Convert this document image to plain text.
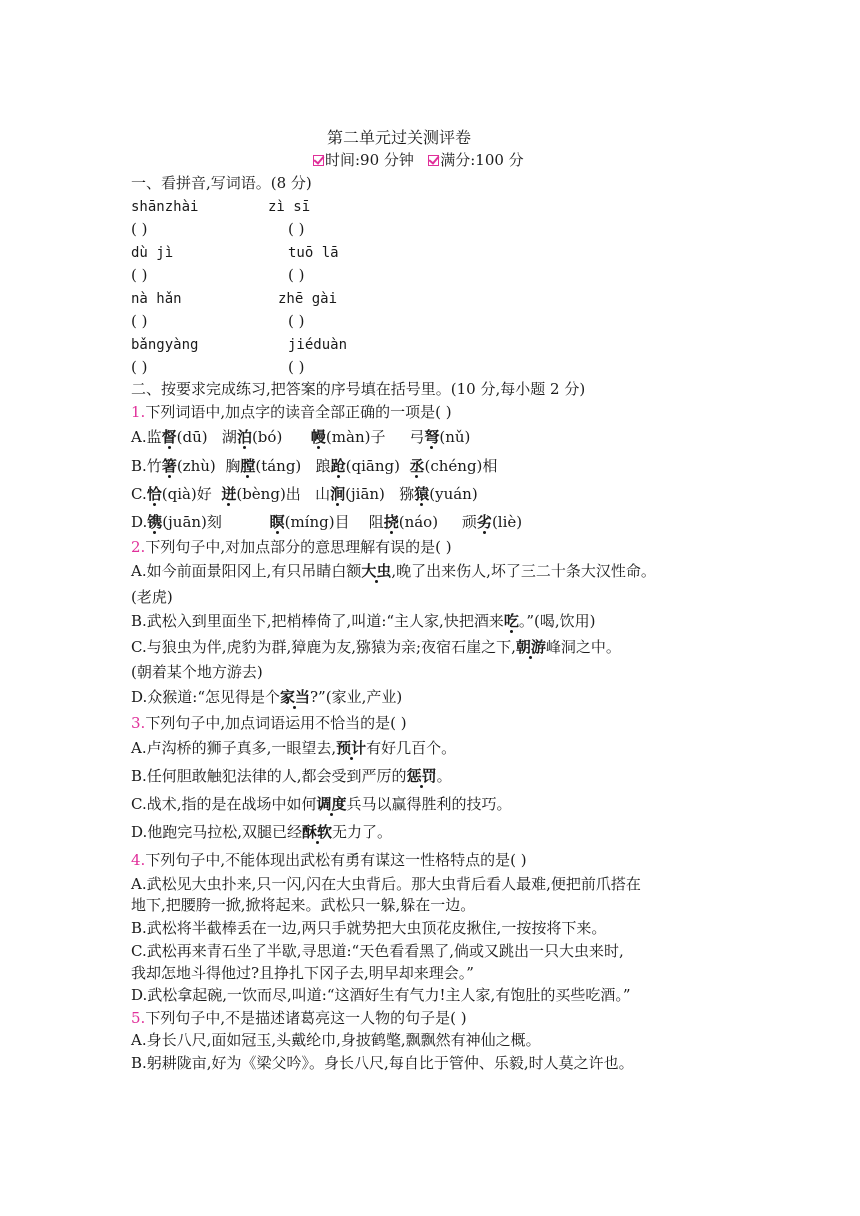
第二单元过关测评卷
时间:90 分钟 满分:100 分
一、看拼音,写词语。(8 分)
shānzhài	zì sī
( )	( )
dù jì	tuō lā
( )	( )
nà hǎn	zhē gài
( )	( )
bǎngyàng	jiéduàn
( )	( )
二、按要求完成练习,把答案的序号填在括号里。(10 分,每小题 2 分)
1.下列词语中,加点字的读音全部正确的一项是( )
A.监督(dū) 湖泊(bó) 幔(màn)子 弓弩(nǔ)
B.竹箸(zhù) 胸膛(táng) 踉跄(qiāng) 丞(chéng)相
C.恰(qià)好 迸(bèng)出 山涧(jiān) 猕猿(yuán)
D.镌(juān)刻	瞑(míng)目 阻挠(náo) 顽劣(liè)
2.下列句子中,对加点部分的意思理解有误的是( )
A.如今前面景阳冈上,有只吊睛白额大虫,晚了出来伤人,坏了三二十条大汉性命。
(老虎)
B.武松入到里面坐下,把梢棒倚了,叫道:“主人家,快把酒来吃。”(喝,饮用)
C.与狼虫为伴,虎豹为群,獐鹿为友,猕猿为亲;夜宿石崖之下,朝游峰洞之中。
(朝着某个地方游去)
D.众猴道:“怎见得是个家当?”(家业,产业)
3.下列句子中,加点词语运用不恰当的是( )
A.卢沟桥的狮子真多,一眼望去,预计有好几百个。
B.任何胆敢触犯法律的人,都会受到严厉的惩罚。
C.战术,指的是在战场中如何调度兵马以赢得胜利的技巧。
D.他跑完马拉松,双腿已经酥软无力了。
4.下列句子中,不能体现出武松有勇有谋这一性格特点的是( )
A.武松见大虫扑来,只一闪,闪在大虫背后。那大虫背后看人最难,便把前爪搭在
地下,把腰胯一掀,掀将起来。武松只一躲,躲在一边。
B.武松将半截棒丢在一边,两只手就势把大虫顶花皮揪住,一按按将下来。
C.武松再来青石坐了半歇,寻思道:“天色看看黑了,倘或又跳出一只大虫来时,
我却怎地斗得他过?且挣扎下冈子去,明早却来理会。”
D.武松拿起碗,一饮而尽,叫道:“这酒好生有气力!主人家,有饱肚的买些吃酒。”
5.下列句子中,不是描述诸葛亮这一人物的句子是( )
A.身长八尺,面如冠玉,头戴纶巾,身披鹤氅,飘飘然有神仙之概。
B.躬耕陇亩,好为《梁父吟》。身长八尺,每自比于管仲、乐毅,时人莫之许也。
